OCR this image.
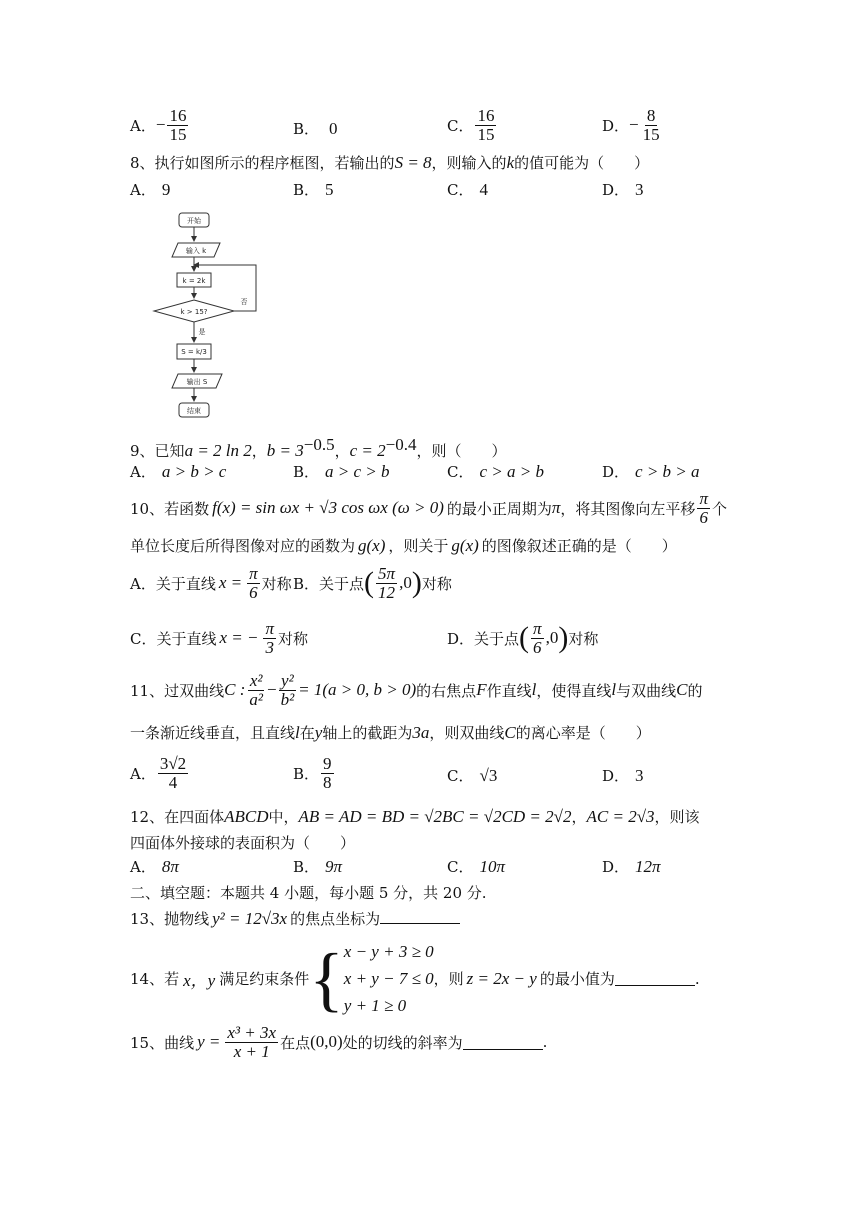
A． − $\frac{16}{15}$	B． 0	C． $\frac{16}{15}$	D． − $\frac{8}{15}$
8、执行如图所示的程序框图，若输出的S = 8，则输入的k的值可能为（　　）
A． 9	B． 5	C． 4	D． 3
开始
输入 k
k = 2k
k > 15?
否
是
S = k/3
输出 S
结束
9、已知a = 2 ln 2，$b = 3^{-0.5}$，$c = 2^{-0.4}$，则（　　）
A． a > b > c	B． a > c > b	C． c > a > b	D． c > b > a
10、 若函数 f(x) = sin ωx + √3 cos ωx (ω > 0) 的最小正周期为 π ，将其图像向左平移 $\frac{\pi}{6}$ 个
单位长度后所得图像对应的函数为 g(x) ，则关于 g(x) 的图像叙述正确的是（　　）
A．关于直线 $x = \frac{\pi}{6}$ 对称 B．关于点 ( $\frac{5\pi}{12} ,0$ ) 对称
C．关于直线 x = − $\frac{\pi}{3}$ 对称	D．关于点 ( $\frac{\pi}{6} ,0$ ) 对称
11、 过双曲线 C : $\frac{\text{x²}}{\text{a²}} - \frac{\text{y²}}{\text{b²}} = 1(a > 0$, b > 0) 的右焦点 F 作直线 l ，使得直线 l 与双曲线 C 的
一条渐近线垂直，且直线l在y轴上的截距为3a，则双曲线C的离心率是（　　）
A． $\frac{3√2}{4}$	B． $\frac{9}{8}$	C． √3	D． 3
12、在四面体ABCD中，AB = AD = BD = √2BC = √2CD = 2√2，AC = 2√3，则该
四面体外接球的表面积为（　　）
A． 8π	B． 9π	C． 10π	D． 12π
二、填空题：本题共 4 小题，每小题 5 分，共 20 分.
13、抛物线 y² = 12√3x 的焦点坐标为
14、 若 x，y 满足约束条件 { x − y + 3 ≥ 0
x + y − 7 ≤ 0
y + 1 ≥ 0
，则 z = 2x − y 的最小值为	.
15、 曲线 $y = \frac{\text{x³ + 3x}}{x + 1}$ 在点 (0,0) 处的切线的斜率为	.
